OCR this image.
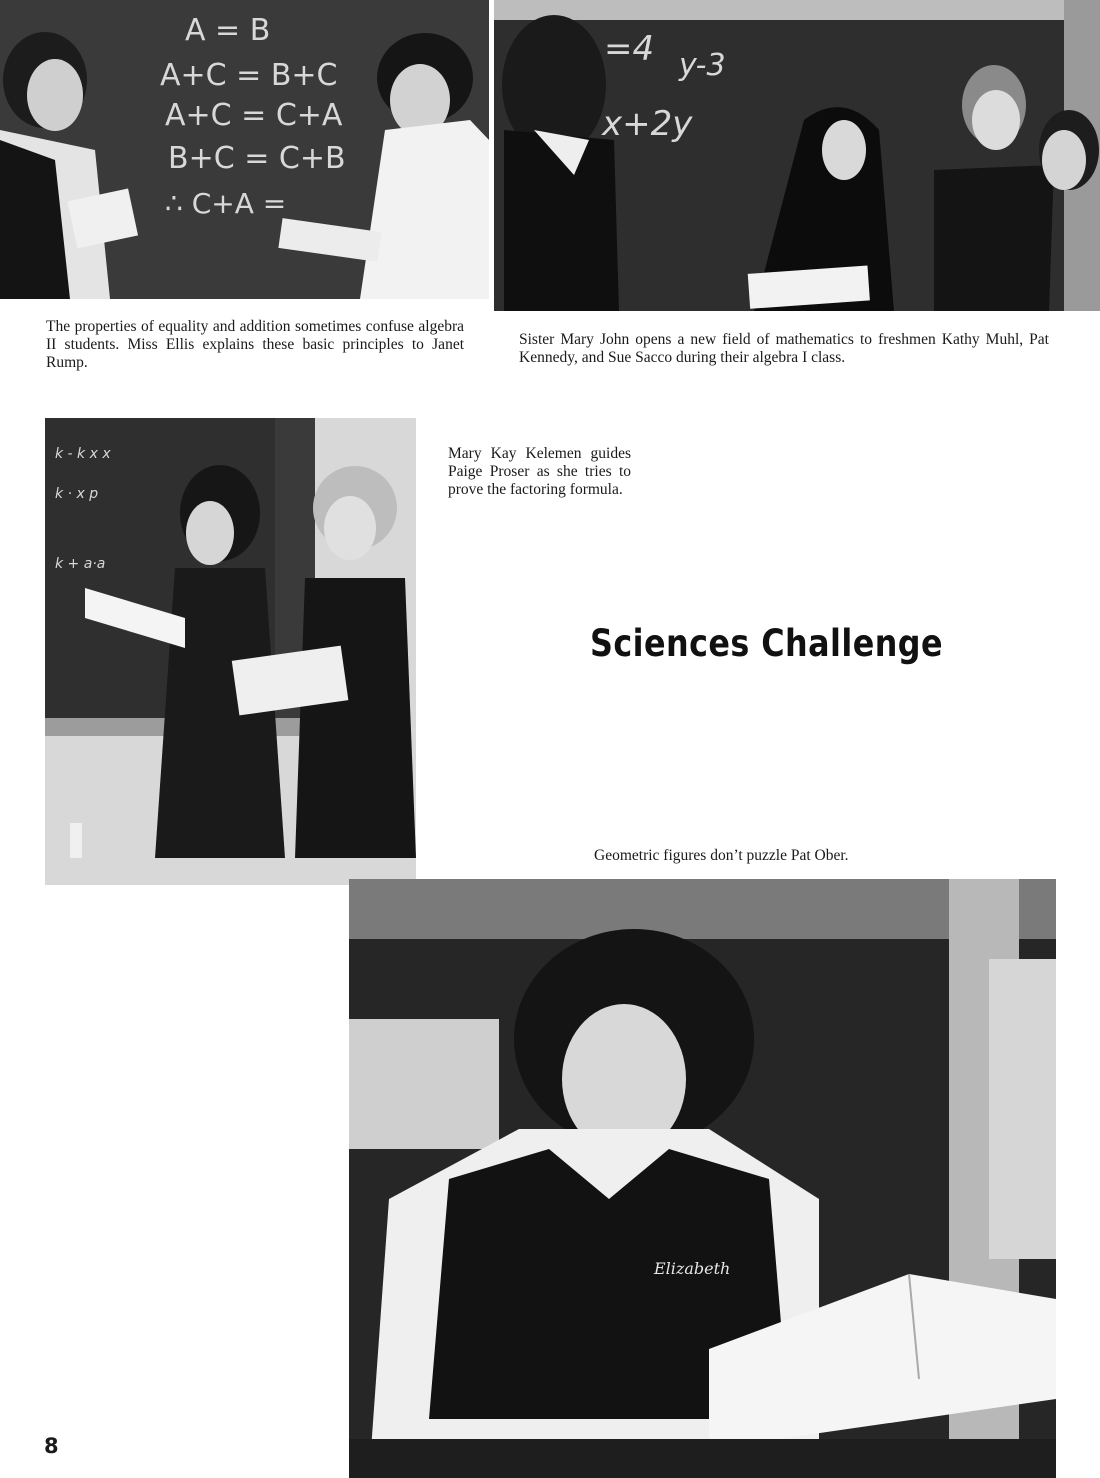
A = B
A+C = B+C
A+C = C+A
B+C = C+B
∴ C+A =
=4 y-3
x+2y

The properties of equality and addition sometimes confuse algebra II students. Miss Ellis explains these basic principles to Janet Rump.

Sister Mary John opens a new field of mathematics to freshmen Kathy Muhl, Pat Kennedy, and Sue Sacco during their algebra I class.

k - k x x
k · x p
k + a·a

Mary Kay Kelemen guides Paige Proser as she tries to prove the factoring formula.

Sciences Challenge

Geometric figures don’t puzzle Pat Ober.

Elizabeth
8
